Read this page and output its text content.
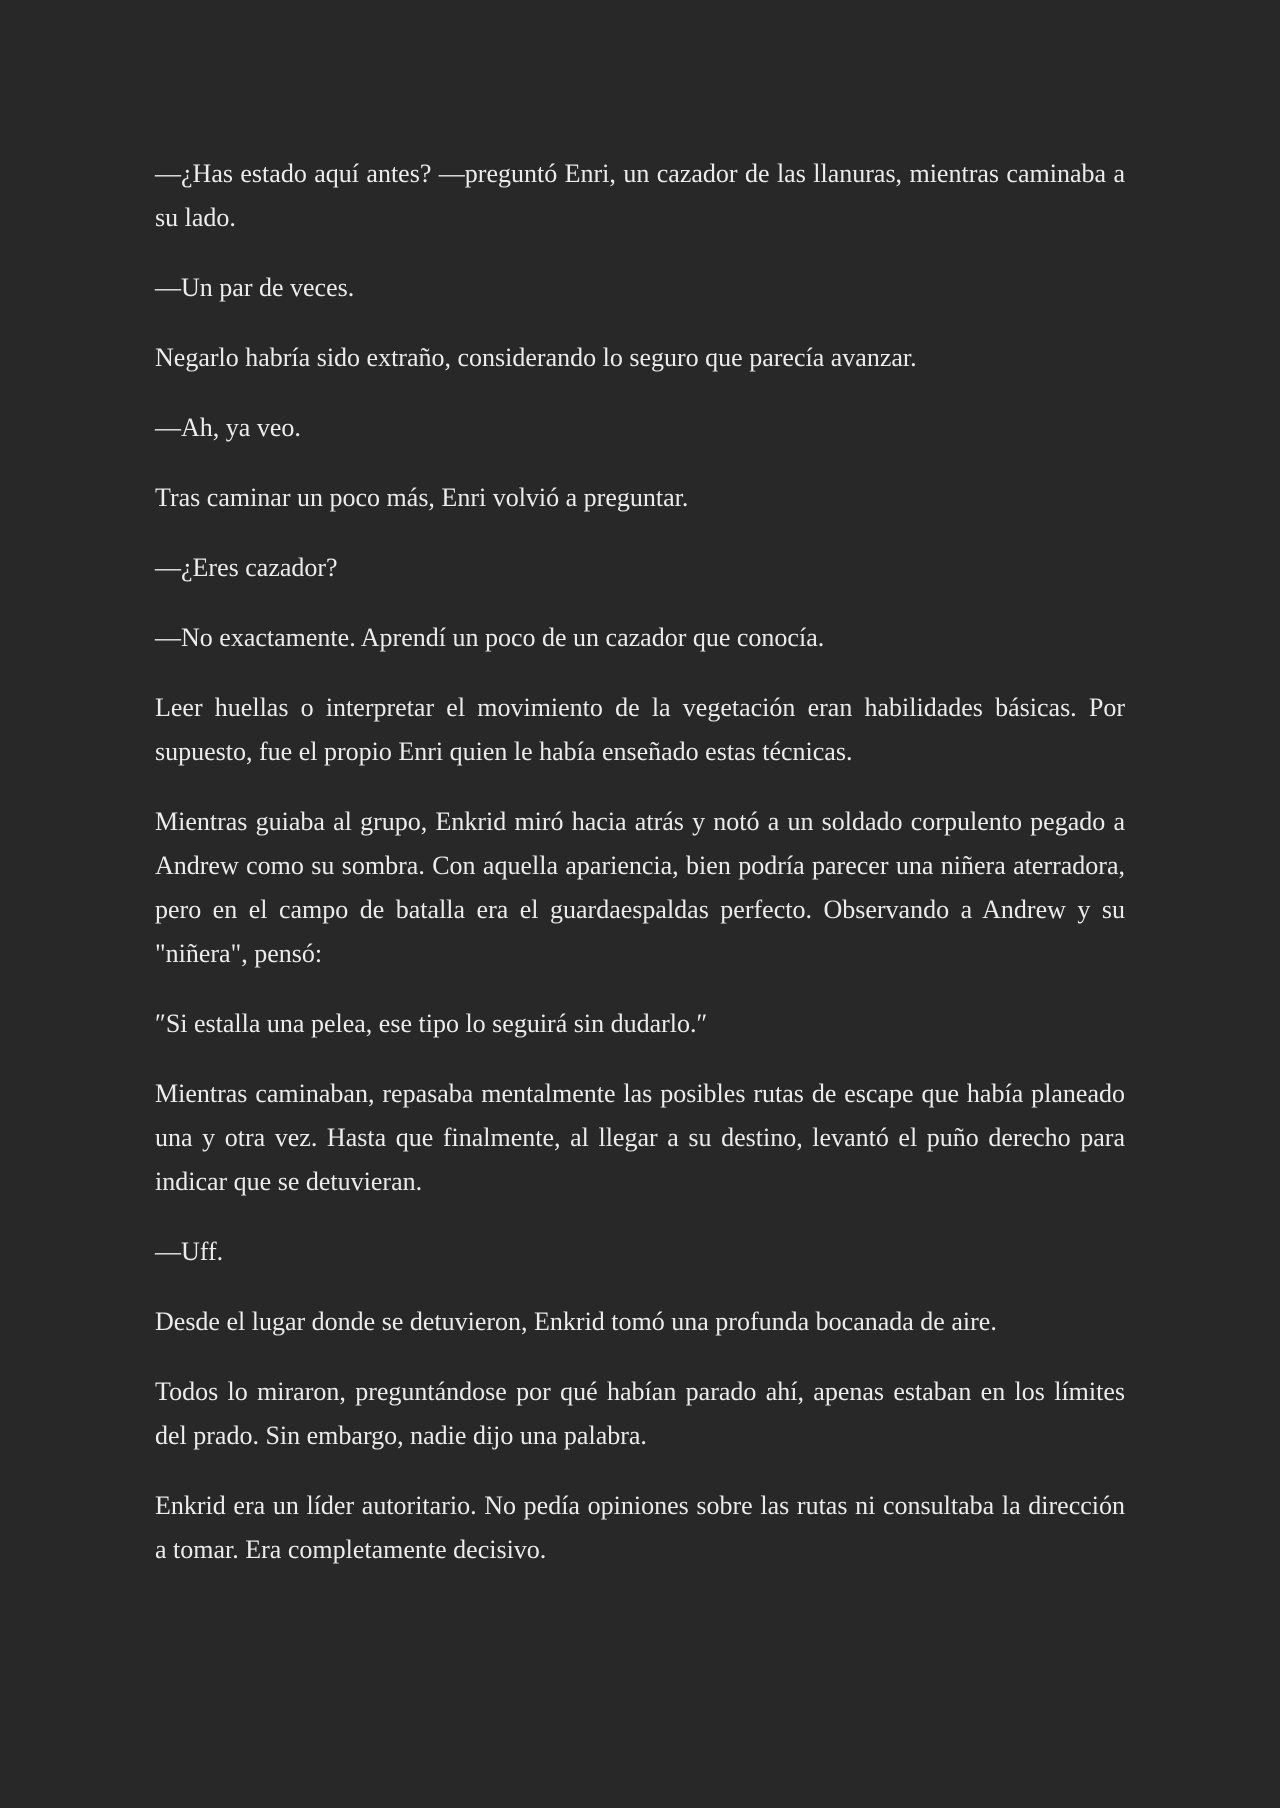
—¿Has estado aquí antes? —preguntó Enri, un cazador de las llanuras, mientras caminaba a su lado.

—Un par de veces.

Negarlo habría sido extraño, considerando lo seguro que parecía avanzar.

—Ah, ya veo.

Tras caminar un poco más, Enri volvió a preguntar.

—¿Eres cazador?

—No exactamente. Aprendí un poco de un cazador que conocía.

Leer huellas o interpretar el movimiento de la vegetación eran habilidades básicas. Por supuesto, fue el propio Enri quien le había enseñado estas técnicas.

Mientras guiaba al grupo, Enkrid miró hacia atrás y notó a un soldado corpulento pegado a Andrew como su sombra. Con aquella apariencia, bien podría parecer una niñera aterradora, pero en el campo de batalla era el guardaespaldas perfecto. Observando a Andrew y su "niñera", pensó:

″Si estalla una pelea, ese tipo lo seguirá sin dudarlo.″

Mientras caminaban, repasaba mentalmente las posibles rutas de escape que había planeado una y otra vez. Hasta que finalmente, al llegar a su destino, levantó el puño derecho para indicar que se detuvieran.

—Uff.

Desde el lugar donde se detuvieron, Enkrid tomó una profunda bocanada de aire.

Todos lo miraron, preguntándose por qué habían parado ahí, apenas estaban en los límites del prado. Sin embargo, nadie dijo una palabra.

Enkrid era un líder autoritario. No pedía opiniones sobre las rutas ni consultaba la dirección a tomar. Era completamente decisivo.
